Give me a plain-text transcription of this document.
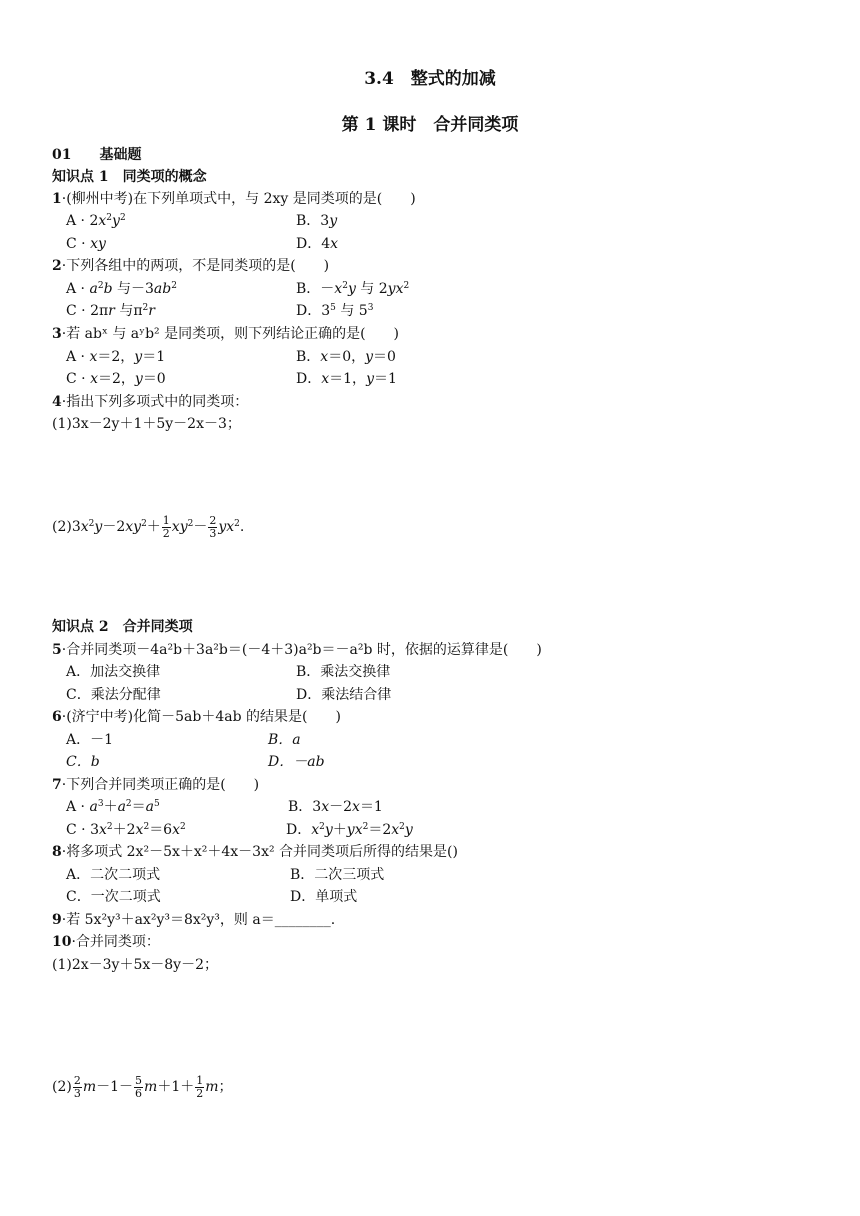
3.4　整式的加减
第 1 课时　合并同类项
01　　基础题
知识点 1　同类项的概念
1·(柳州中考)在下列单项式中，与 2xy 是同类项的是(　　)
$A \cdot 2x^2y^2$	B．3y
C · xy	D．4x
2·下列各组中的两项，不是同类项的是(　　)
$A \cdot a^2b$ 与$-3ab^2$	B．$-x^2y$ 与 $2yx^2$
C · 2πr 与$\pi^2r$	D．$3^5$ 与 $5^3$
3·若 abˣ 与 aʸb² 是同类项，则下列结论正确的是(　　)
A · x＝2，y＝1	B．x＝0，y＝0
C · x＝2，y＝0	D．x＝1，y＝1
4·指出下列多项式中的同类项：
(1)3x－2y＋1＋5y－2x－3；
$(2)3x^2y-2xy^2+ \frac{1}{2} xy^2- \frac{2}{3} yx^2$.
知识点 2　合并同类项
5·合并同类项－4a²b＋3a²b＝(－4＋3)a²b＝－a²b 时，依据的运算律是(　　)
A．加法交换律	B．乘法交换律
C．乘法分配律	D．乘法结合律
6·(济宁中考)化简－5ab＋4ab 的结果是(　　)
A．－1	B．a
C．b	D．－ab
7·下列合并同类项正确的是(　　)
$A \cdot a^3+a^2=a^5$	B．3x－2x＝1
$C \cdot 3x^2+2x^2=6x^2$	D．$x^2y+yx^2=2x^2y$
8·将多项式 2x²－5x＋x²＋4x－3x² 合并同类项后所得的结果是()
A．二次二项式	B．二次三项式
C．一次二项式	D．单项式
9·若 5x²y³＋ax²y³＝8x²y³，则 a＝________.
10·合并同类项：
(1)2x－3y＋5x－8y－2；
$(2) \frac{2}{3} m-1- \frac{5}{6} m+1+ \frac{1}{2}$ m；
